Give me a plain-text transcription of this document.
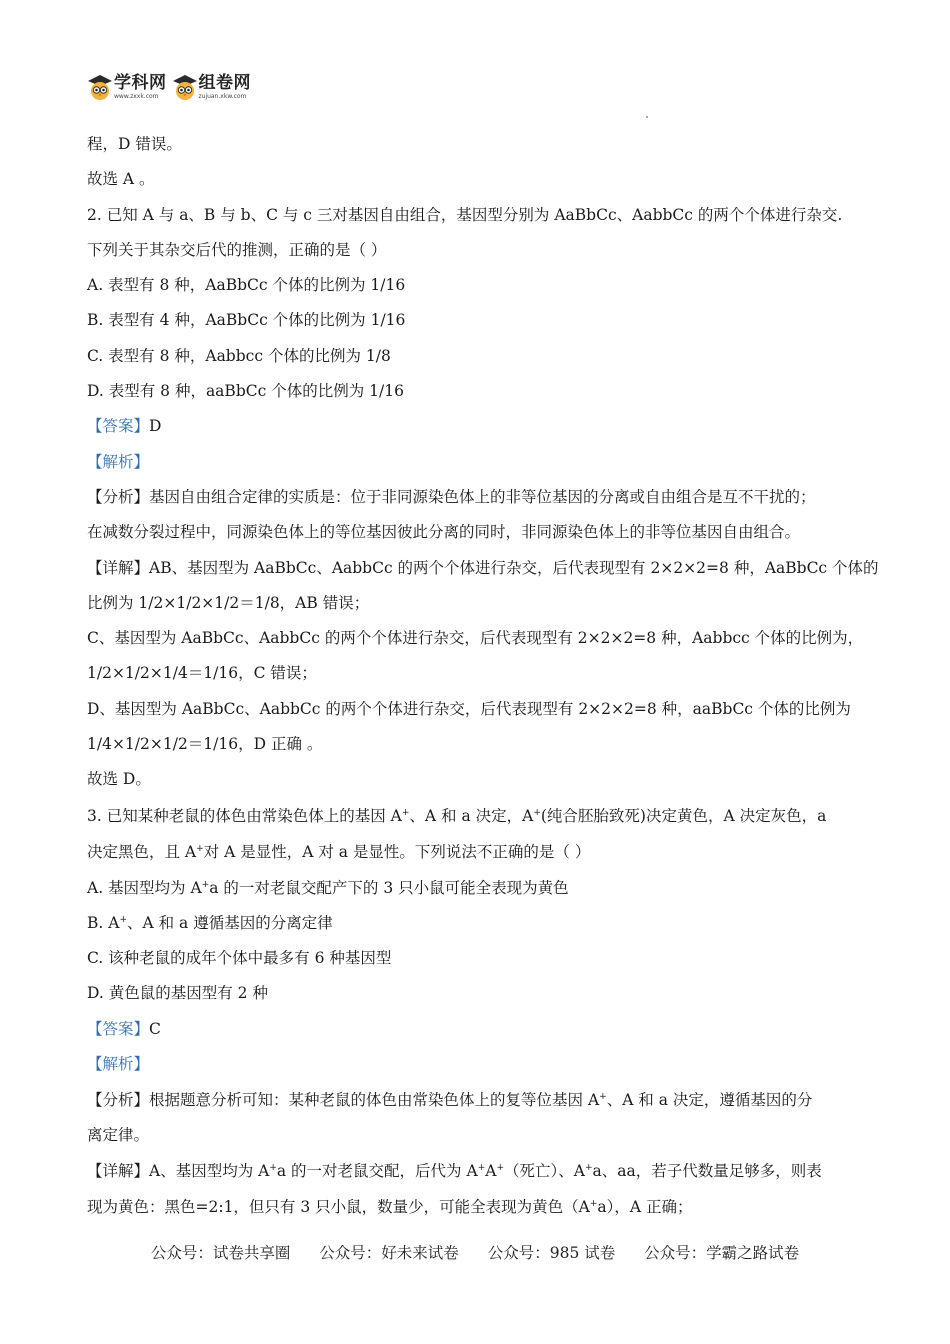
学科网
www.zxxk.com
组卷网
zujuan.xkw.com
程，D 错误。
故选 A 。
2. 已知 A 与 a、B 与 b、C 与 c 三对基因自由组合，基因型分别为 AaBbCc、AabbCc 的两个个体进行杂交.
下列关于其杂交后代的推测，正确的是（ ）
A. 表型有 8 种，AaBbCc 个体的比例为 1/16
B. 表型有 4 种，AaBbCc 个体的比例为 1/16
C. 表型有 8 种，Aabbcc 个体的比例为 1/8
D. 表型有 8 种，aaBbCc 个体的比例为 1/16
【答案】D
【解析】
【分析】基因自由组合定律的实质是：位于非同源染色体上的非等位基因的分离或自由组合是互不干扰的；
在减数分裂过程中，同源染色体上的等位基因彼此分离的同时，非同源染色体上的非等位基因自由组合。
【详解】AB、基因型为 AaBbCc、AabbCc 的两个个体进行杂交，后代表现型有 2×2×2=8 种，AaBbCc 个体的
比例为 1/2×1/2×1/2＝1/8，AB 错误；
C、基因型为 AaBbCc、AabbCc 的两个个体进行杂交，后代表现型有 2×2×2=8 种，Aabbcc 个体的比例为，
1/2×1/2×1/4＝1/16，C 错误；
D、基因型为 AaBbCc、AabbCc 的两个个体进行杂交，后代表现型有 2×2×2=8 种，aaBbCc 个体的比例为
1/4×1/2×1/2＝1/16，D 正确 。
故选 D。
3. 已知某种老鼠的体色由常染色体上的基因 A+、A 和 a 决定，A+(纯合胚胎致死)决定黄色，A 决定灰色，a
决定黑色，且 A+对 A 是显性，A 对 a 是显性。下列说法不正确的是（ ）
A. 基因型均为 A+a 的一对老鼠交配产下的 3 只小鼠可能全表现为黄色
B. A+、A 和 a 遵循基因的分离定律
C. 该种老鼠的成年个体中最多有 6 种基因型
D. 黄色鼠的基因型有 2 种
【答案】C
【解析】
【分析】根据题意分析可知：某种老鼠的体色由常染色体上的复等位基因 A+、A 和 a 决定，遵循基因的分
离定律。
【详解】A、基因型均为 A+a 的一对老鼠交配，后代为 A+A+（死亡）、A+a、aa，若子代数量足够多，则表
现为黄色：黑色=2:1，但只有 3 只小鼠，数量少，可能全表现为黄色（A+a），A 正确；
公众号：试卷共享圈 公众号：好未来试卷 公众号：985 试卷 公众号：学霸之路试卷
